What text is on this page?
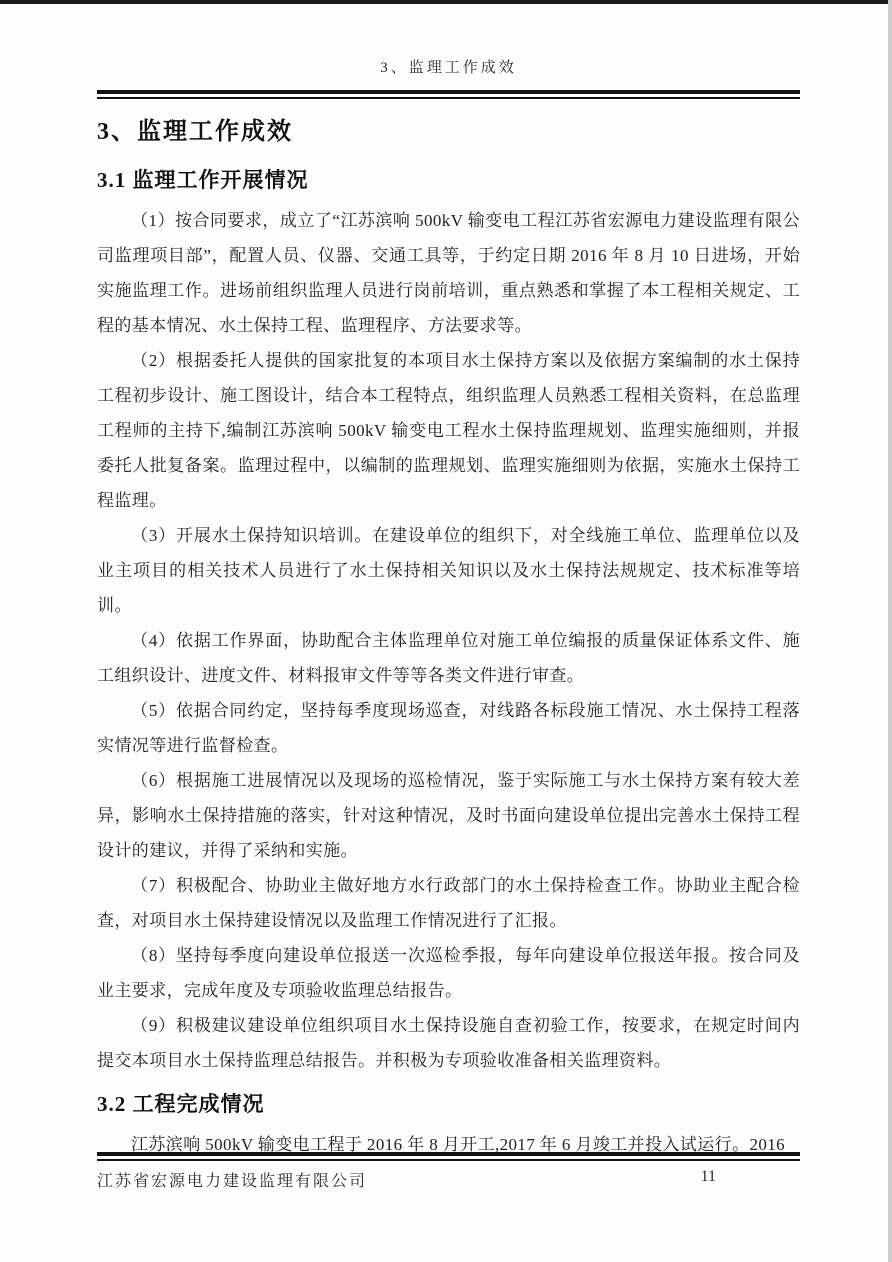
3、监理工作成效
3、监理工作成效
3.1 监理工作开展情况

（1）按合同要求，成立了“江苏滨响 500kV 输变电工程江苏省宏源电力建设监理有限公司监理项目部”，配置人员、仪器、交通工具等，于约定日期 2016 年 8 月 10 日进场，开始实施监理工作。进场前组织监理人员进行岗前培训，重点熟悉和掌握了本工程相关规定、工程的基本情况、水土保持工程、监理程序、方法要求等。

（2）根据委托人提供的国家批复的本项目水土保持方案以及依据方案编制的水土保持工程初步设计、施工图设计，结合本工程特点，组织监理人员熟悉工程相关资料，在总监理工程师的主持下,编制江苏滨响 500kV 输变电工程水土保持监理规划、监理实施细则，并报委托人批复备案。监理过程中，以编制的监理规划、监理实施细则为依据，实施水土保持工程监理。

（3）开展水土保持知识培训。在建设单位的组织下，对全线施工单位、监理单位以及业主项目的相关技术人员进行了水土保持相关知识以及水土保持法规规定、技术标准等培训。

（4）依据工作界面，协助配合主体监理单位对施工单位编报的质量保证体系文件、施工组织设计、进度文件、材料报审文件等等各类文件进行审查。

（5）依据合同约定，坚持每季度现场巡查，对线路各标段施工情况、水土保持工程落实情况等进行监督检查。

（6）根据施工进展情况以及现场的巡检情况，鉴于实际施工与水土保持方案有较大差异，影响水土保持措施的落实，针对这种情况，及时书面向建设单位提出完善水土保持工程设计的建议，并得了采纳和实施。

（7）积极配合、协助业主做好地方水行政部门的水土保持检查工作。协助业主配合检查，对项目水土保持建设情况以及监理工作情况进行了汇报。

（8）坚持每季度向建设单位报送一次巡检季报，每年向建设单位报送年报。按合同及业主要求，完成年度及专项验收监理总结报告。

（9）积极建议建设单位组织项目水土保持设施自查初验工作，按要求，在规定时间内提交本项目水土保持监理总结报告。并积极为专项验收准备相关监理资料。

3.2 工程完成情况

江苏滨响 500kV 输变电工程于 2016 年 8 月开工,2017 年 6 月竣工并投入试运行。2016

江苏省宏源电力建设监理有限公司	11
